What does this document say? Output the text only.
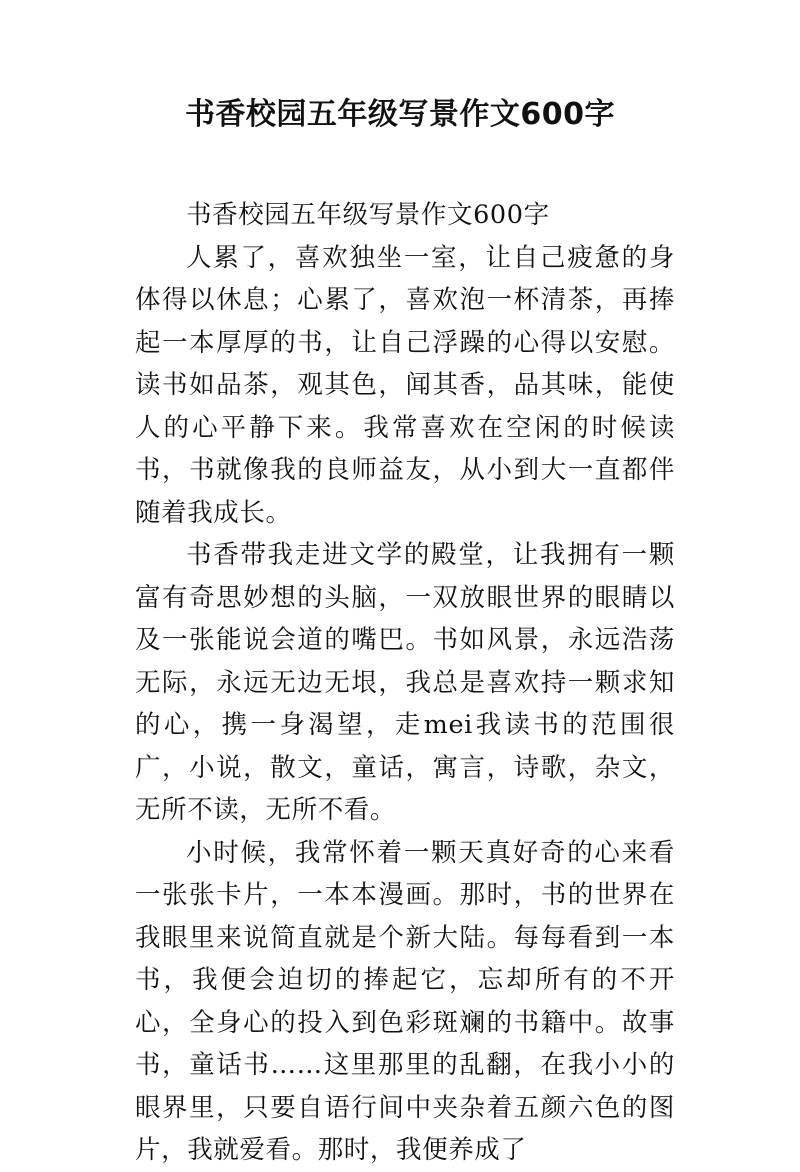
书香校园五年级写景作文600字

书香校园五年级写景作文600字

人累了，喜欢独坐一室，让自己疲惫的身体得以休息；心累了，喜欢泡一杯清茶，再捧起一本厚厚的书，让自己浮躁的心得以安慰。读书如品茶，观其色，闻其香，品其味，能使人的心平静下来。我常喜欢在空闲的时候读书，书就像我的良师益友，从小到大一直都伴随着我成长。

书香带我走进文学的殿堂，让我拥有一颗富有奇思妙想的头脑，一双放眼世界的眼睛以及一张能说会道的嘴巴。书如风景，永远浩荡无际，永远无边无垠，我总是喜欢持一颗求知的心，携一身渴望，走mei我读书的范围很广，小说，散文，童话，寓言，诗歌，杂文，无所不读，无所不看。

小时候，我常怀着一颗天真好奇的心来看一张张卡片，一本本漫画。那时，书的世界在我眼里来说简直就是个新大陆。每每看到一本书，我便会迫切的捧起它，忘却所有的不开心，全身心的投入到色彩斑斓的书籍中。故事书，童话书……这里那里的乱翻，在我小小的眼界里，只要自语行间中夹杂着五颜六色的图片，我就爱看。那时，我便养成了
